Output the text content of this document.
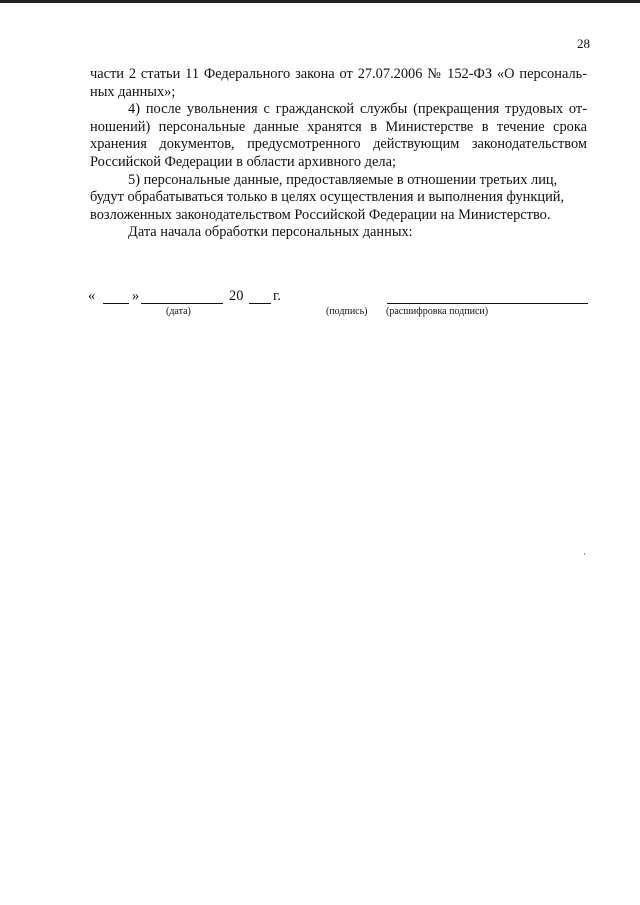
28

части 2 статьи 11 Федерального закона от 27.07.2006 № 152-ФЗ «О персональ-ных данных»;

4) после увольнения с гражданской службы (прекращения трудовых от-ношений) персональные данные хранятся в Министерстве в течение срока хранения документов, предусмотренного действующим законодательством Российской Федерации в области архивного дела;

5) персональные данные, предоставляемые в отношении третьих лиц, будут обрабатываться только в целях осуществления и выполнения функций, возложенных законодательством Российской Федерации на Министерство.

Дата начала обработки персональных данных:

«	»	20 г.
(дата)	(подпись) (расшифровка подписи)
